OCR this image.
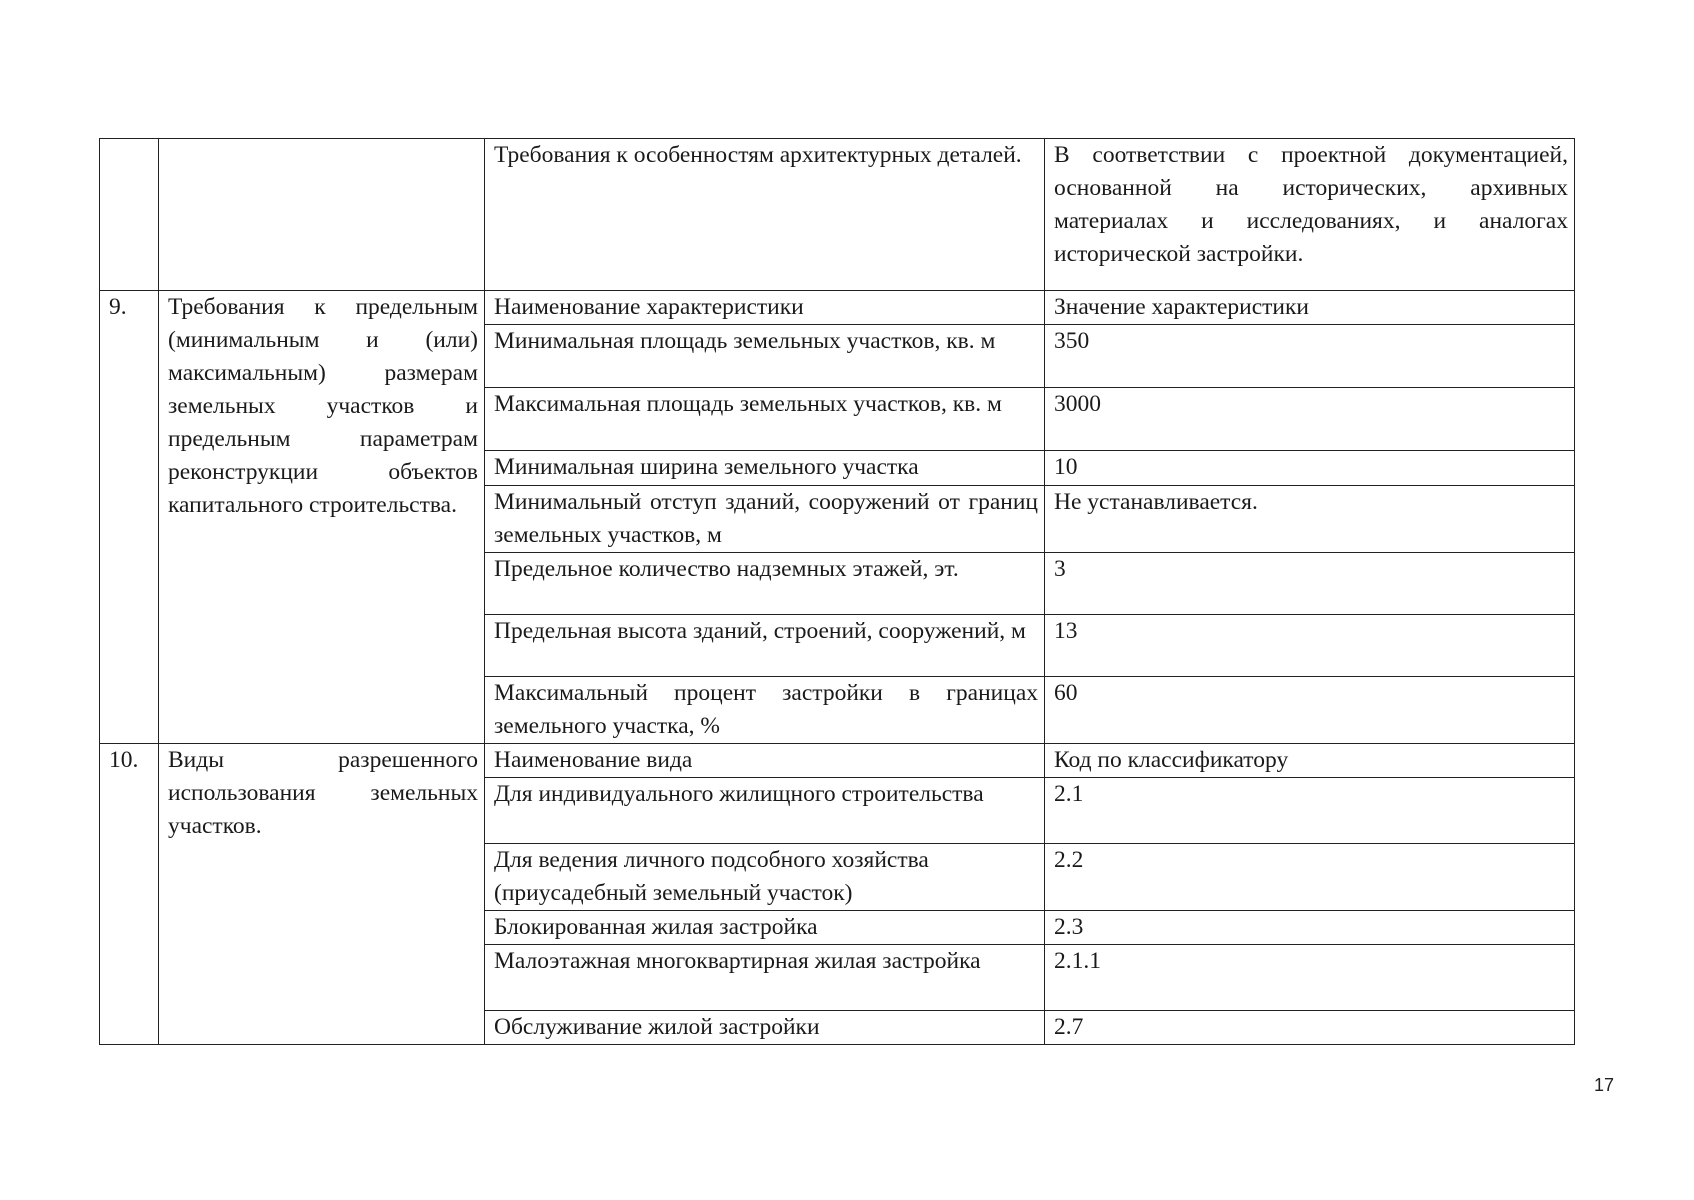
		Требования к особенностям архитектурных деталей.	В соответствии с проектной документацией, основанной на исторических, архивных материалах и исследованиях, и аналогах исторической застройки.
9.	Требования к предельным (минимальным и (или) максимальным) размерам земельных участков и предельным параметрам реконструкции объектов капитального строительства.	Наименование характеристики	Значение характеристики
		Минимальная площадь земельных участков, кв. м	350
		Максимальная площадь земельных участков, кв. м	3000
		Минимальная ширина земельного участка	10
		Минимальный отступ зданий, сооружений от границ земельных участков, м	Не устанавливается.
		Предельное количество надземных этажей, эт.	3
		Предельная высота зданий, строений, сооружений, м	13
		Максимальный процент застройки в границах земельного участка, %	60
10.	Виды разрешенного использования земельных участков.	Наименование вида	Код по классификатору
		Для индивидуального жилищного строительства	2.1
		Для ведения личного подсобного хозяйства (приусадебный земельный участок)	2.2
		Блокированная жилая застройка	2.3
		Малоэтажная многоквартирная жилая застройка	2.1.1
		Обслуживание жилой застройки	2.7
17
